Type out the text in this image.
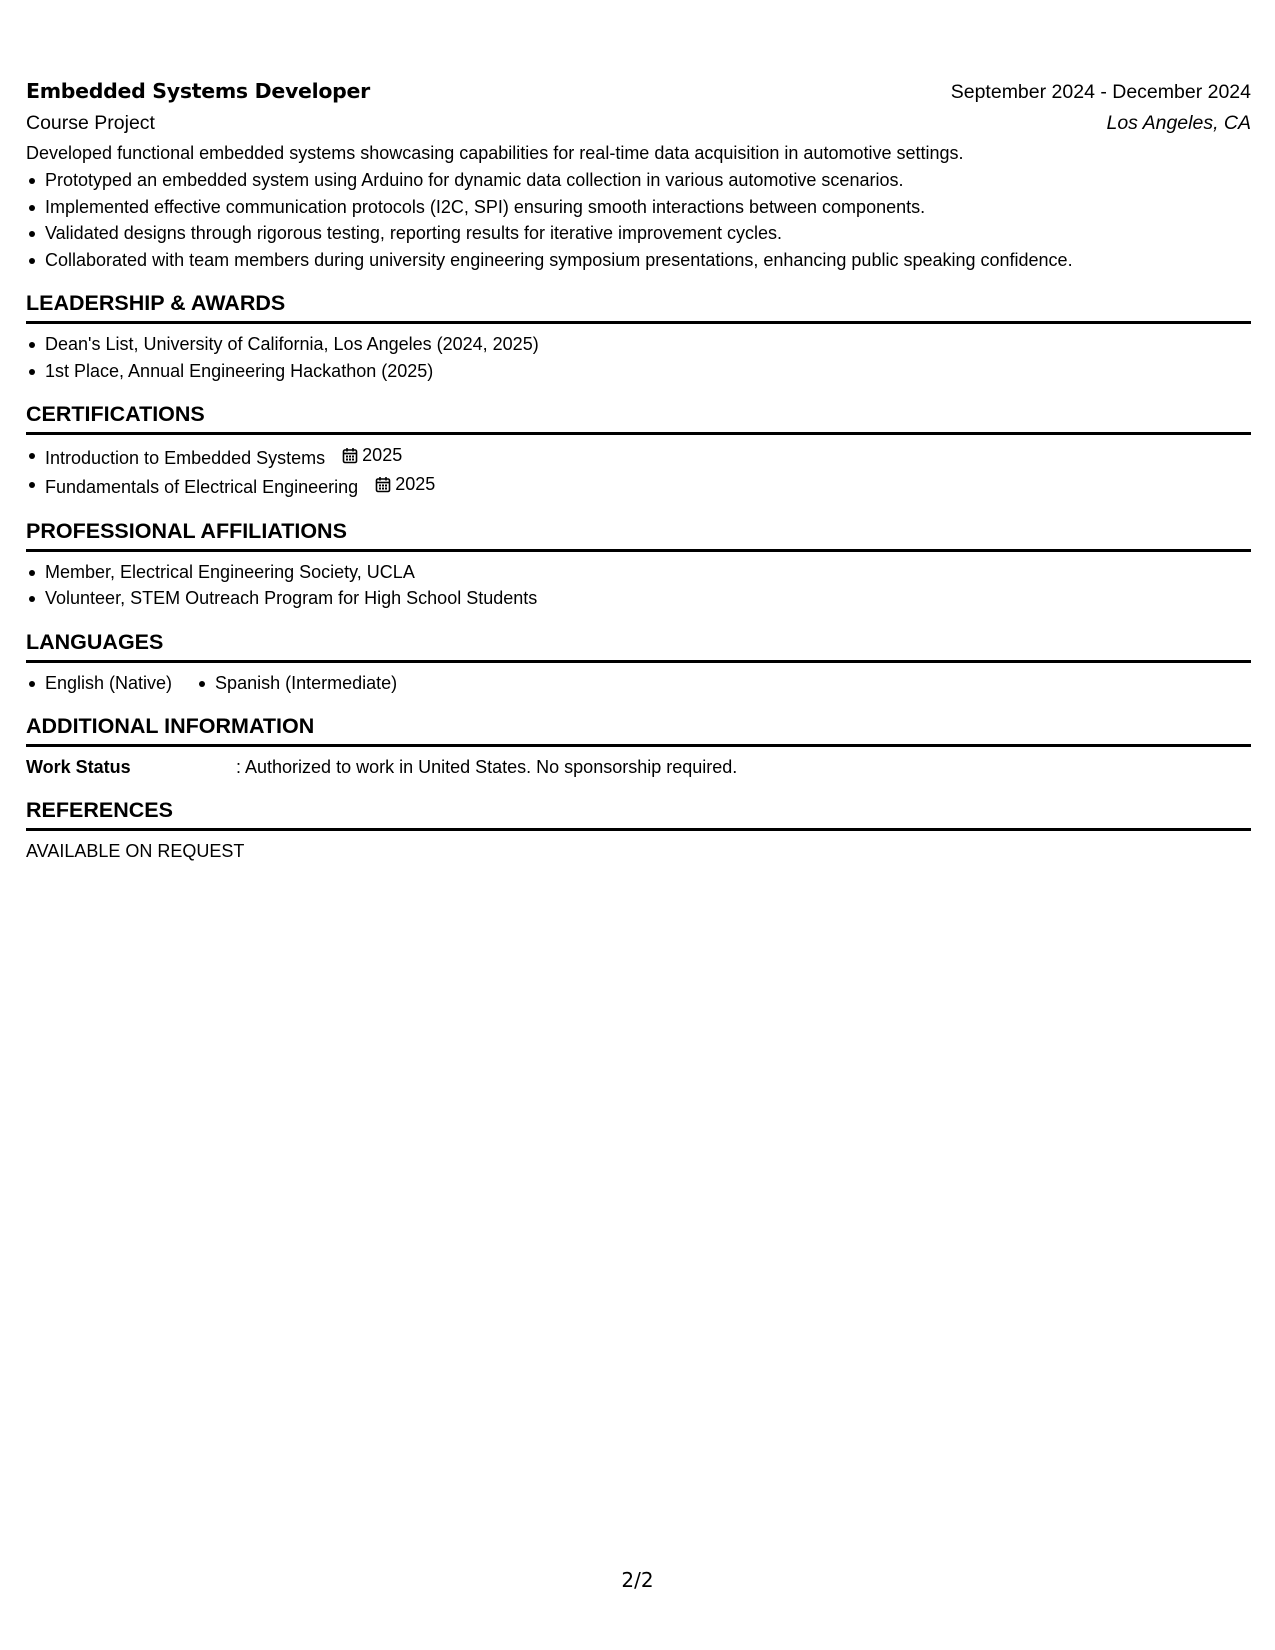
Embedded Systems Developer	September 2024 - December 2024
Course Project	Los Angeles, CA
Developed functional embedded systems showcasing capabilities for real-time data acquisition in automotive settings.
Prototyped an embedded system using Arduino for dynamic data collection in various automotive scenarios.
Implemented effective communication protocols (I2C, SPI) ensuring smooth interactions between components.
Validated designs through rigorous testing, reporting results for iterative improvement cycles.
Collaborated with team members during university engineering symposium presentations, enhancing public speaking confidence.
LEADERSHIP & AWARDS
Dean's List, University of California, Los Angeles (2024, 2025)
1st Place, Annual Engineering Hackathon (2025)
CERTIFICATIONS
Introduction to Embedded Systems 2025
Fundamentals of Electrical Engineering 2025
PROFESSIONAL AFFILIATIONS
Member, Electrical Engineering Society, UCLA
Volunteer, STEM Outreach Program for High School Students
LANGUAGES
English (Native)	Spanish (Intermediate)
ADDITIONAL INFORMATION
Work Status	: Authorized to work in United States. No sponsorship required.
REFERENCES
AVAILABLE ON REQUEST
2/2
